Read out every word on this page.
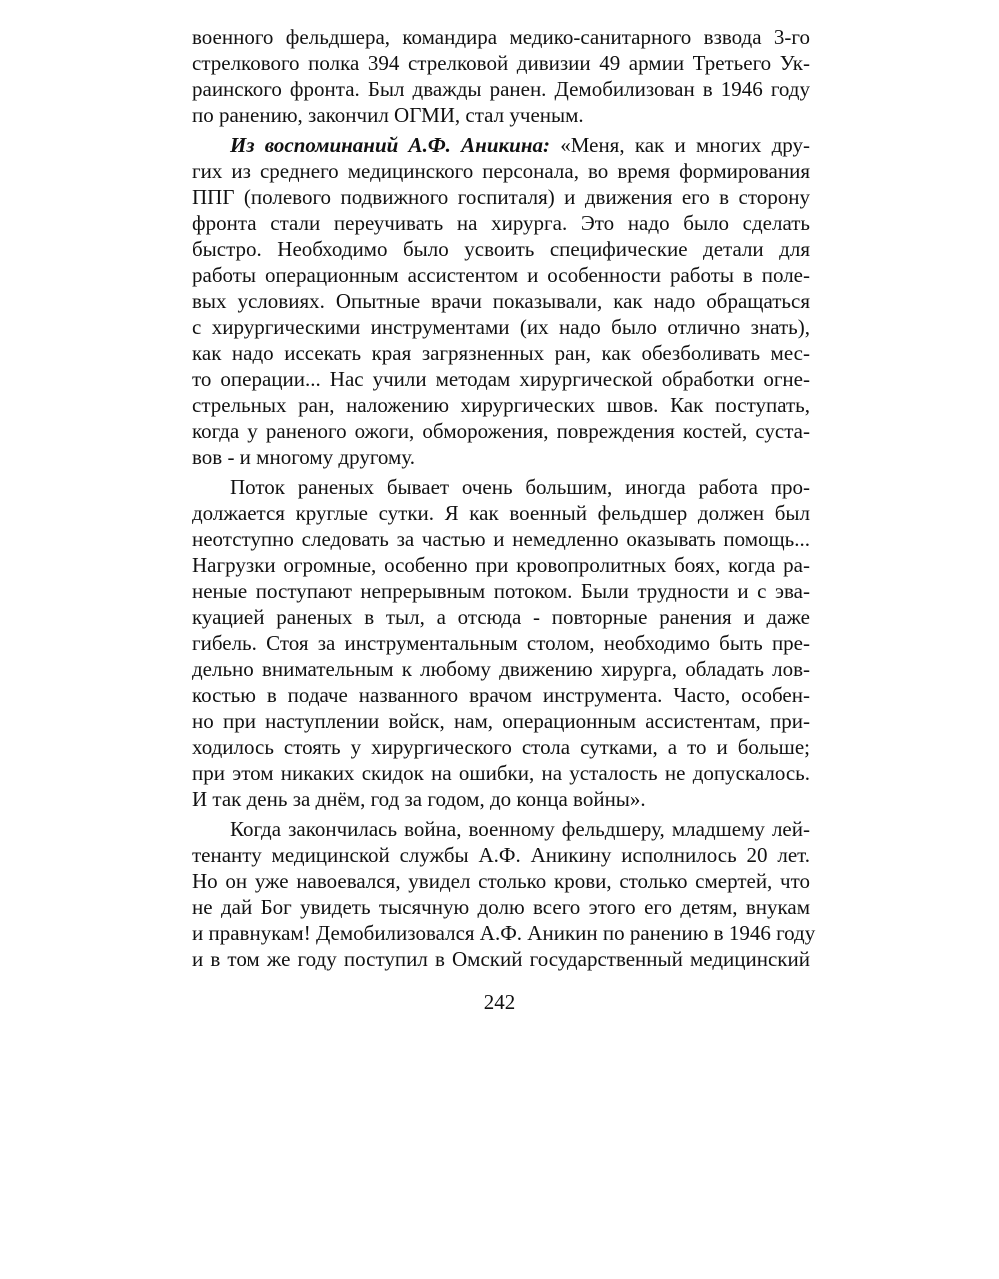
военного фельдшера, командира медико-санитарного взвода 3-го
стрелкового полка 394 стрелковой дивизии 49 армии Третьего Ук-
раинского фронта. Был дважды ранен. Демобилизован в 1946 году
по ранению, закончил ОГМИ, стал ученым.

Из воспоминаний А.Ф. Аникина: «Меня, как и многих дру-
гих из среднего медицинского персонала, во время формирования
ППГ (полевого подвижного госпиталя) и движения его в сторону
фронта стали переучивать на хирурга. Это надо было сделать
быстро. Необходимо было усвоить специфические детали для
работы операционным ассистентом и особенности работы в поле-
вых условиях. Опытные врачи показывали, как надо обращаться
с хирургическими инструментами (их надо было отлично знать),
как надо иссекать края загрязненных ран, как обезболивать мес-
то операции... Нас учили методам хирургической обработки огне-
стрельных ран, наложению хирургических швов. Как поступать,
когда у раненого ожоги, обморожения, повреждения костей, суста-
вов - и многому другому.

Поток раненых бывает очень большим, иногда работа про-
должается круглые сутки. Я как военный фельдшер должен был
неотступно следовать за частью и немедленно оказывать помощь...
Нагрузки огромные, особенно при кровопролитных боях, когда ра-
неные поступают непрерывным потоком. Были трудности и с эва-
куацией раненых в тыл, а отсюда - повторные ранения и даже
гибель. Стоя за инструментальным столом, необходимо быть пре-
дельно внимательным к любому движению хирурга, обладать лов-
костью в подаче названного врачом инструмента. Часто, особен-
но при наступлении войск, нам, операционным ассистентам, при-
ходилось стоять у хирургического стола сутками, а то и больше;
при этом никаких скидок на ошибки, на усталость не допускалось.
И так день за днём, год за годом, до конца войны».

Когда закончилась война, военному фельдшеру, младшему лей-
тенанту медицинской службы А.Ф. Аникину исполнилось 20 лет.
Но он уже навоевался, увидел столько крови, столько смертей, что
не дай Бог увидеть тысячную долю всего этого его детям, внукам
и правнукам! Демобилизовался А.Ф. Аникин по ранению в 1946 году
и в том же году поступил в Омский государственный медицинский

242
